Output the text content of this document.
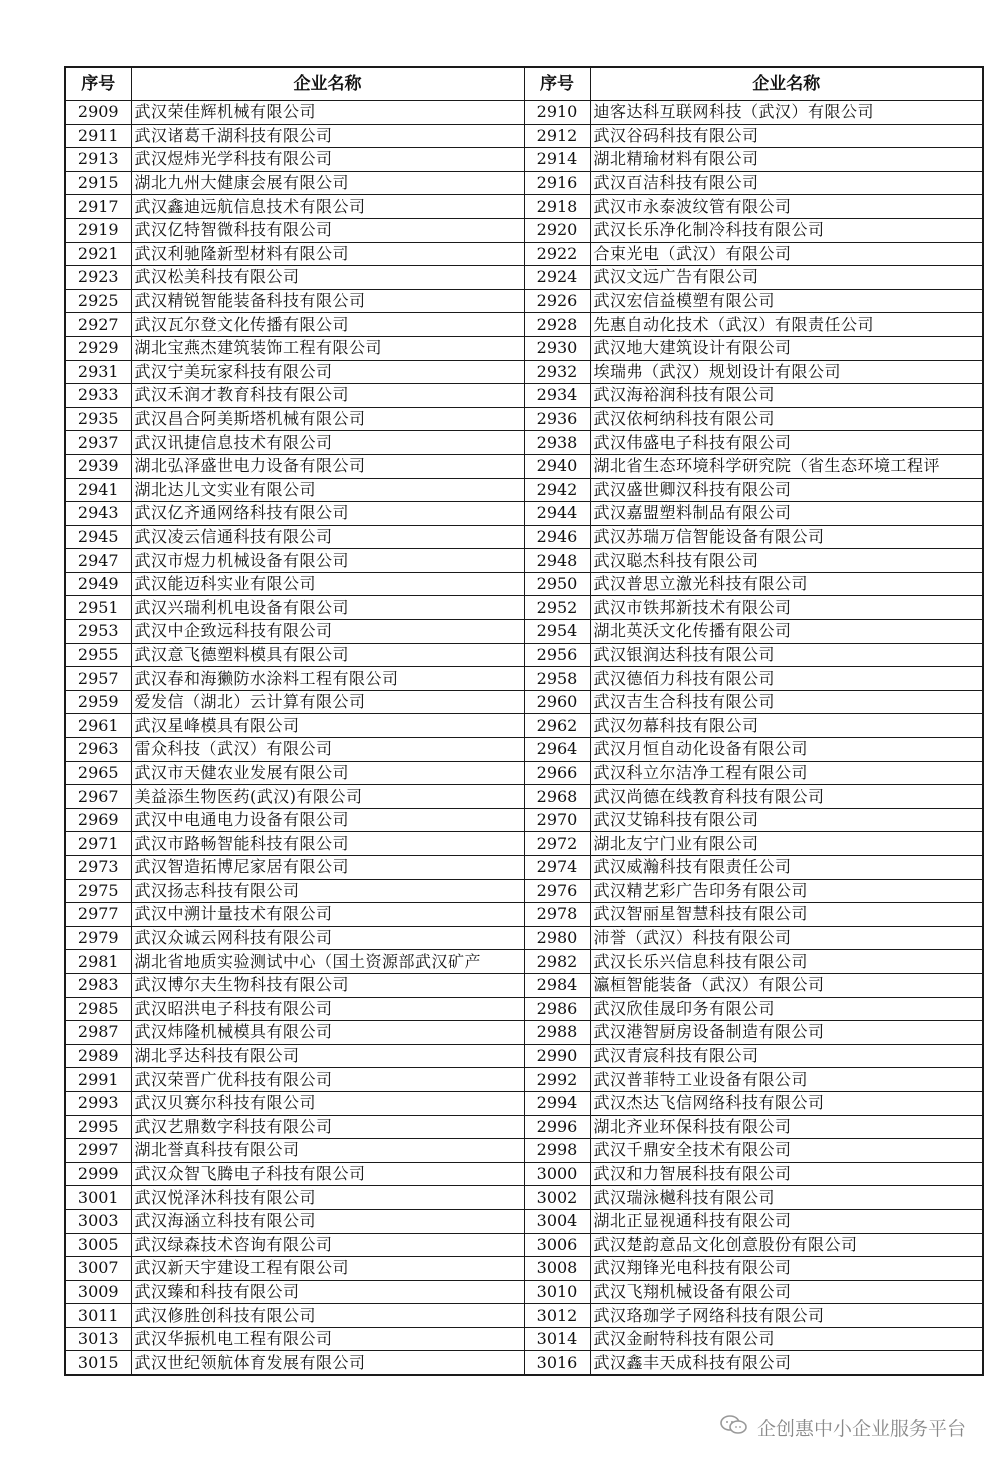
序号	企业名称	序号	企业名称
2909	武汉荣佳辉机械有限公司	2910	迪客达科互联网科技（武汉）有限公司
2911	武汉诸葛千湖科技有限公司	2912	武汉谷码科技有限公司
2913	武汉煜炜光学科技有限公司	2914	湖北精瑜材料有限公司
2915	湖北九州大健康会展有限公司	2916	武汉百洁科技有限公司
2917	武汉鑫迪远航信息技术有限公司	2918	武汉市永泰波纹管有限公司
2919	武汉亿特智微科技有限公司	2920	武汉长乐净化制冷科技有限公司
2921	武汉利驰隆新型材料有限公司	2922	合束光电（武汉）有限公司
2923	武汉松美科技有限公司	2924	武汉文远广告有限公司
2925	武汉精锐智能装备科技有限公司	2926	武汉宏信益模塑有限公司
2927	武汉瓦尔登文化传播有限公司	2928	先惠自动化技术（武汉）有限责任公司
2929	湖北宝燕杰建筑装饰工程有限公司	2930	武汉地大建筑设计有限公司
2931	武汉宁美玩家科技有限公司	2932	埃瑞弗（武汉）规划设计有限公司
2933	武汉禾润才教育科技有限公司	2934	武汉海裕润科技有限公司
2935	武汉昌合阿美斯塔机械有限公司	2936	武汉依柯纳科技有限公司
2937	武汉讯捷信息技术有限公司	2938	武汉伟盛电子科技有限公司
2939	湖北弘泽盛世电力设备有限公司	2940	湖北省生态环境科学研究院（省生态环境工程评
2941	湖北达儿文实业有限公司	2942	武汉盛世卿汉科技有限公司
2943	武汉亿齐通网络科技有限公司	2944	武汉嘉盟塑料制品有限公司
2945	武汉凌云信通科技有限公司	2946	武汉苏瑞万信智能设备有限公司
2947	武汉市煜力机械设备有限公司	2948	武汉聪杰科技有限公司
2949	武汉能迈科实业有限公司	2950	武汉普思立激光科技有限公司
2951	武汉兴瑞利机电设备有限公司	2952	武汉市铁邦新技术有限公司
2953	武汉中企致远科技有限公司	2954	湖北英沃文化传播有限公司
2955	武汉意飞德塑料模具有限公司	2956	武汉银润达科技有限公司
2957	武汉春和海獭防水涂料工程有限公司	2958	武汉德佰力科技有限公司
2959	爱发信（湖北）云计算有限公司	2960	武汉吉生合科技有限公司
2961	武汉星峰模具有限公司	2962	武汉勿幕科技有限公司
2963	雷众科技（武汉）有限公司	2964	武汉月恒自动化设备有限公司
2965	武汉市天健农业发展有限公司	2966	武汉科立尔洁净工程有限公司
2967	美益添生物医药(武汉)有限公司	2968	武汉尚德在线教育科技有限公司
2969	武汉中电通电力设备有限公司	2970	武汉艾锦科技有限公司
2971	武汉市路畅智能科技有限公司	2972	湖北友宁门业有限公司
2973	武汉智造拓博尼家居有限公司	2974	武汉威瀚科技有限责任公司
2975	武汉扬志科技有限公司	2976	武汉精艺彩广告印务有限公司
2977	武汉中溯计量技术有限公司	2978	武汉智丽星智慧科技有限公司
2979	武汉众诚云网科技有限公司	2980	沛誉（武汉）科技有限公司
2981	湖北省地质实验测试中心（国土资源部武汉矿产	2982	武汉长乐兴信息科技有限公司
2983	武汉博尔夫生物科技有限公司	2984	瀛桓智能装备（武汉）有限公司
2985	武汉昭洪电子科技有限公司	2986	武汉欣佳晟印务有限公司
2987	武汉炜隆机械模具有限公司	2988	武汉港智厨房设备制造有限公司
2989	湖北孚达科技有限公司	2990	武汉青宸科技有限公司
2991	武汉荣晋广优科技有限公司	2992	武汉普菲特工业设备有限公司
2993	武汉贝赛尔科技有限公司	2994	武汉杰达飞信网络科技有限公司
2995	武汉艺鼎数字科技有限公司	2996	湖北齐业环保科技有限公司
2997	湖北誉真科技有限公司	2998	武汉千鼎安全技术有限公司
2999	武汉众智飞腾电子科技有限公司	3000	武汉和力智展科技有限公司
3001	武汉悦泽沐科技有限公司	3002	武汉瑞泳樾科技有限公司
3003	武汉海涵立科技有限公司	3004	湖北正显视通科技有限公司
3005	武汉绿森技术咨询有限公司	3006	武汉楚韵意品文化创意股份有限公司
3007	武汉新天宇建设工程有限公司	3008	武汉翔锋光电科技有限公司
3009	武汉臻和科技有限公司	3010	武汉飞翔机械设备有限公司
3011	武汉修胜创科技有限公司	3012	武汉珞珈学子网络科技有限公司
3013	武汉华振机电工程有限公司	3014	武汉金耐特科技有限公司
3015	武汉世纪领航体育发展有限公司	3016	武汉鑫丰天成科技有限公司
企创惠中小企业服务平台
